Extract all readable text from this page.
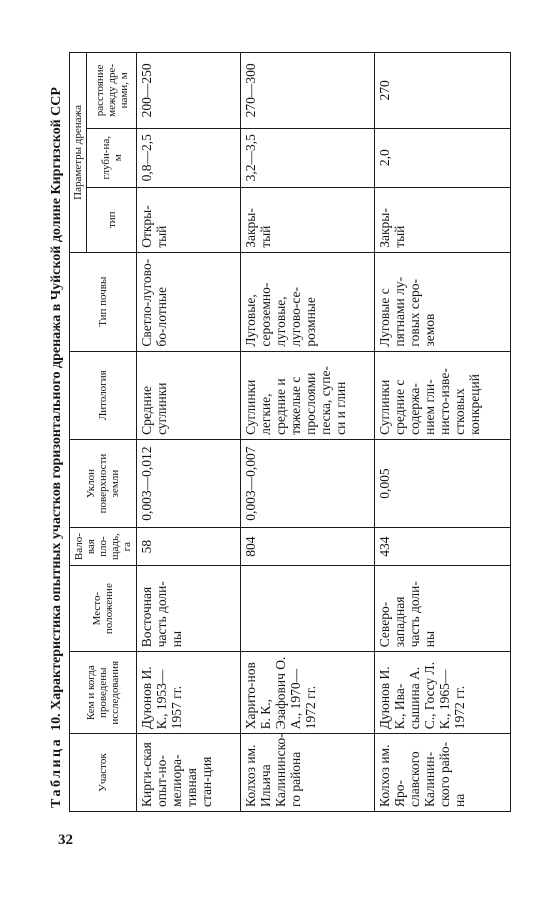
32
Таблица10. Характеристика опытных участков горизонтального дренажа в Чуйской долине Киргизской ССР
Участок	Кем и когда проведены исследования	Место-положение	Вало-вая пло-щадь, га	Уклон поверхности земли	Литология	Тип почвы	Параметры дренажа		
							тип	глуби-на, м	расстояние между дре-нами, м
Кирги-ская опыт-но-мелиора-тивная стан-ция	Дуюнов И. К., 1953—1957 гг.	Восточная часть доли-ны	58	0,003—0,012	Средние суглинки	Светло-лугово-бо-лотные	Откры-тый	0,8—2,5	200—250
Колхоз им. Ильича Калининско-го района	Харито-нов Б. К., Эзафович О. А., 1970—1972 гг.		804	0,003—0,007	Суглинки легкие, средние и тяжелые с прослоями песка, супе-си и глин	Луговые, сероземно-луговые, лугово-се-розмные	Закры-тый	3,2—3,5	270—300
Колхоз им. Яро-славского Калинин-ского райо-на	Дуюнов И. К., Ива-сышина А. С., Госсу Л. К., 1965—1972 гг.	Северо-западная часть доли-ны	434	0,005	Суглинки средние с содержа-нием гли-нисто-изве-стковых конкреций	Луговые с пятнами лу-говых серо-земов	Закры-тый	2,0	270
